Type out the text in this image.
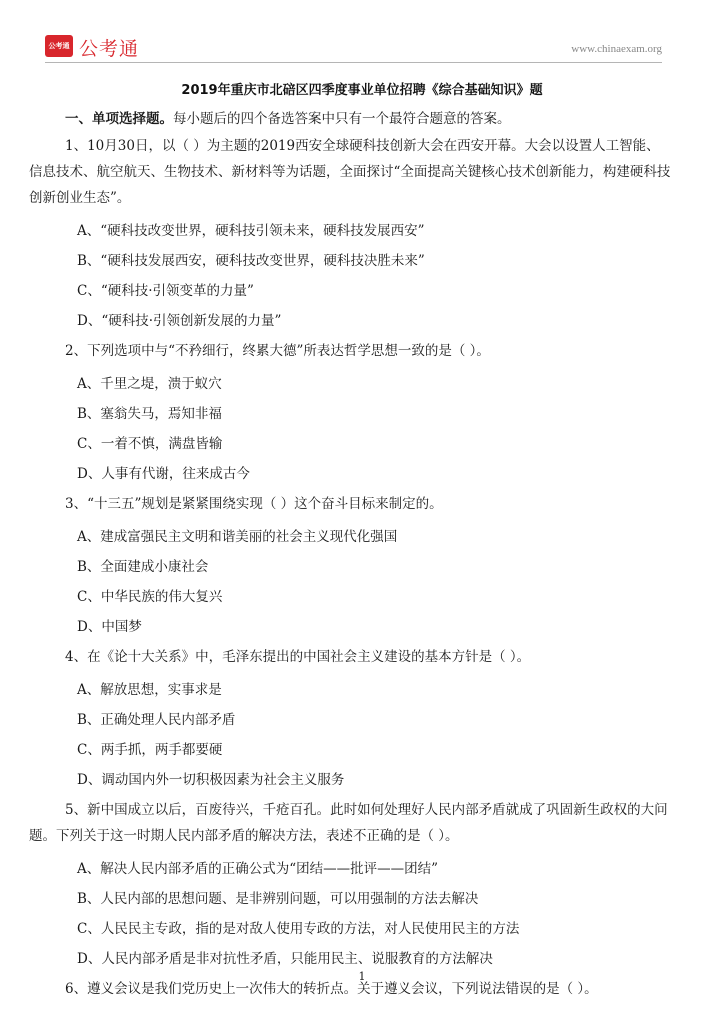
公考通 公考通	www.chinaexam.org
2019年重庆市北碚区四季度事业单位招聘《综合基础知识》题
一、单项选择题。每小题后的四个备选答案中只有一个最符合题意的答案。

1、10月30日，以（ ）为主题的2019西安全球硬科技创新大会在西安开幕。大会以设置人工智能、信息技术、航空航天、生物技术、新材料等为话题，全面探讨“全面提高关键核心技术创新能力，构建硬科技创新创业生态”。

A、“硬科技改变世界，硬科技引领未来，硬科技发展西安”

B、“硬科技发展西安，硬科技改变世界，硬科技决胜未来”

C、“硬科技·引领变革的力量”

D、“硬科技·引领创新发展的力量”

2、下列选项中与“不矜细行，终累大德”所表达哲学思想一致的是（ ）。

A、千里之堤，溃于蚁穴

B、塞翁失马，焉知非福

C、一着不慎，满盘皆输

D、人事有代谢，往来成古今

3、“十三五”规划是紧紧围绕实现（ ）这个奋斗目标来制定的。

A、建成富强民主文明和谐美丽的社会主义现代化强国

B、全面建成小康社会

C、中华民族的伟大复兴

D、中国梦

4、在《论十大关系》中，毛泽东提出的中国社会主义建设的基本方针是（ ）。

A、解放思想，实事求是

B、正确处理人民内部矛盾

C、两手抓，两手都要硬

D、调动国内外一切积极因素为社会主义服务

5、新中国成立以后，百废待兴，千疮百孔。此时如何处理好人民内部矛盾就成了巩固新生政权的大问题。下列关于这一时期人民内部矛盾的解决方法，表述不正确的是（ ）。

A、解决人民内部矛盾的正确公式为“团结——批评——团结”

B、人民内部的思想问题、是非辨别问题，可以用强制的方法去解决

C、人民民主专政，指的是对敌人使用专政的方法，对人民使用民主的方法

D、人民内部矛盾是非对抗性矛盾，只能用民主、说服教育的方法解决

6、遵义会议是我们党历史上一次伟大的转折点。关于遵义会议，下列说法错误的是（ ）。

1
